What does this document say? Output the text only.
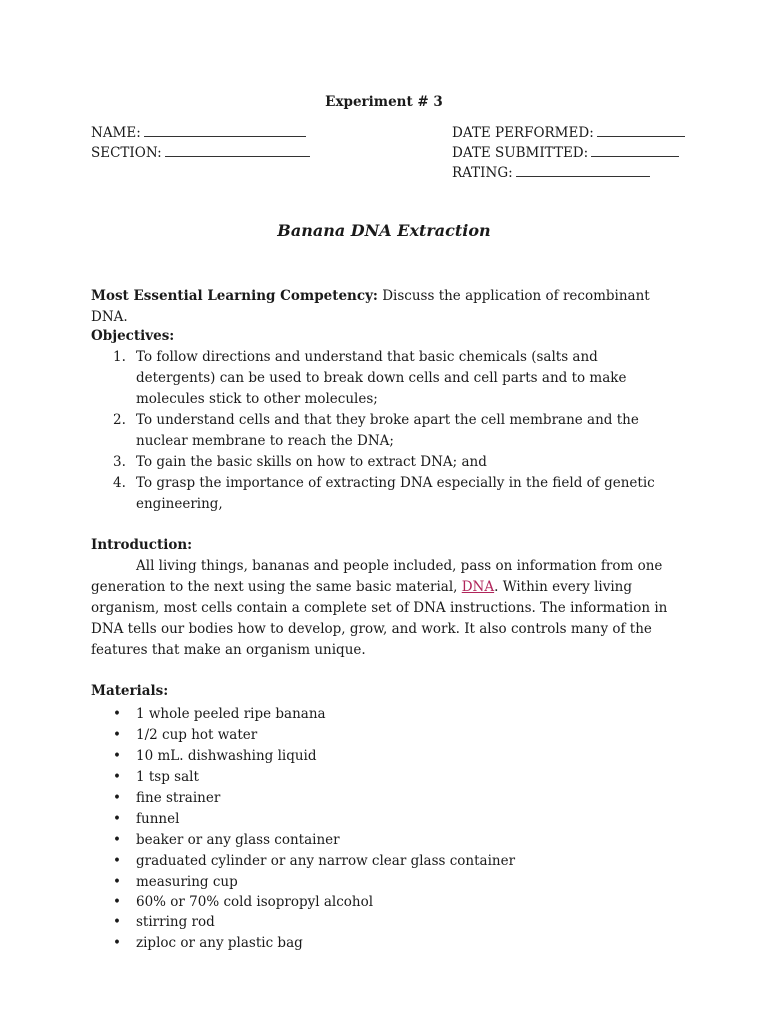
Experiment # 3
NAME:
SECTION:
DATE PERFORMED:
DATE SUBMITTED:
RATING:
Banana DNA Extraction
Most Essential Learning Competency: Discuss the application of recombinant DNA.
Objectives:
1. To follow directions and understand that basic chemicals (salts and detergents) can be used to break down cells and cell parts and to make molecules stick to other molecules;
2. To understand cells and that they broke apart the cell membrane and the nuclear membrane to reach the DNA;
3. To gain the basic skills on how to extract DNA; and
4. To grasp the importance of extracting DNA especially in the field of genetic engineering,
Introduction:
All living things, bananas and people included, pass on information from one generation to the next using the same basic material, DNA. Within every living organism, most cells contain a complete set of DNA instructions. The information in DNA tells our bodies how to develop, grow, and work. It also controls many of the features that make an organism unique.
Materials:
• 1 whole peeled ripe banana
• 1/2 cup hot water
• 10 mL. dishwashing liquid
• 1 tsp salt
• fine strainer
• funnel
• beaker or any glass container
• graduated cylinder or any narrow clear glass container
• measuring cup
• 60% or 70% cold isopropyl alcohol
• stirring rod
• ziploc or any plastic bag
